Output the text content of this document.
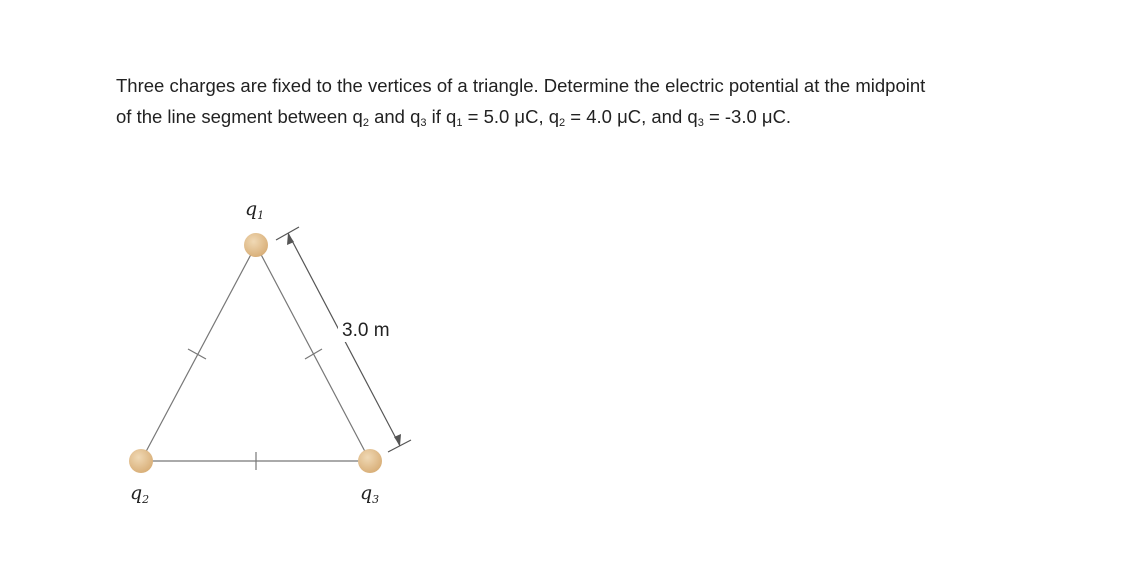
Three charges are fixed to the vertices of a triangle. Determine the electric potential at the midpoint

of the line segment between $q_2$ and $q_3$ if $q_1 = 5.0$ μC, $q_2 = 4.0$ μC, and $q_3 = -3.0$ μC.

3.0 m
$q_1$
$q_2$	$q_3$
